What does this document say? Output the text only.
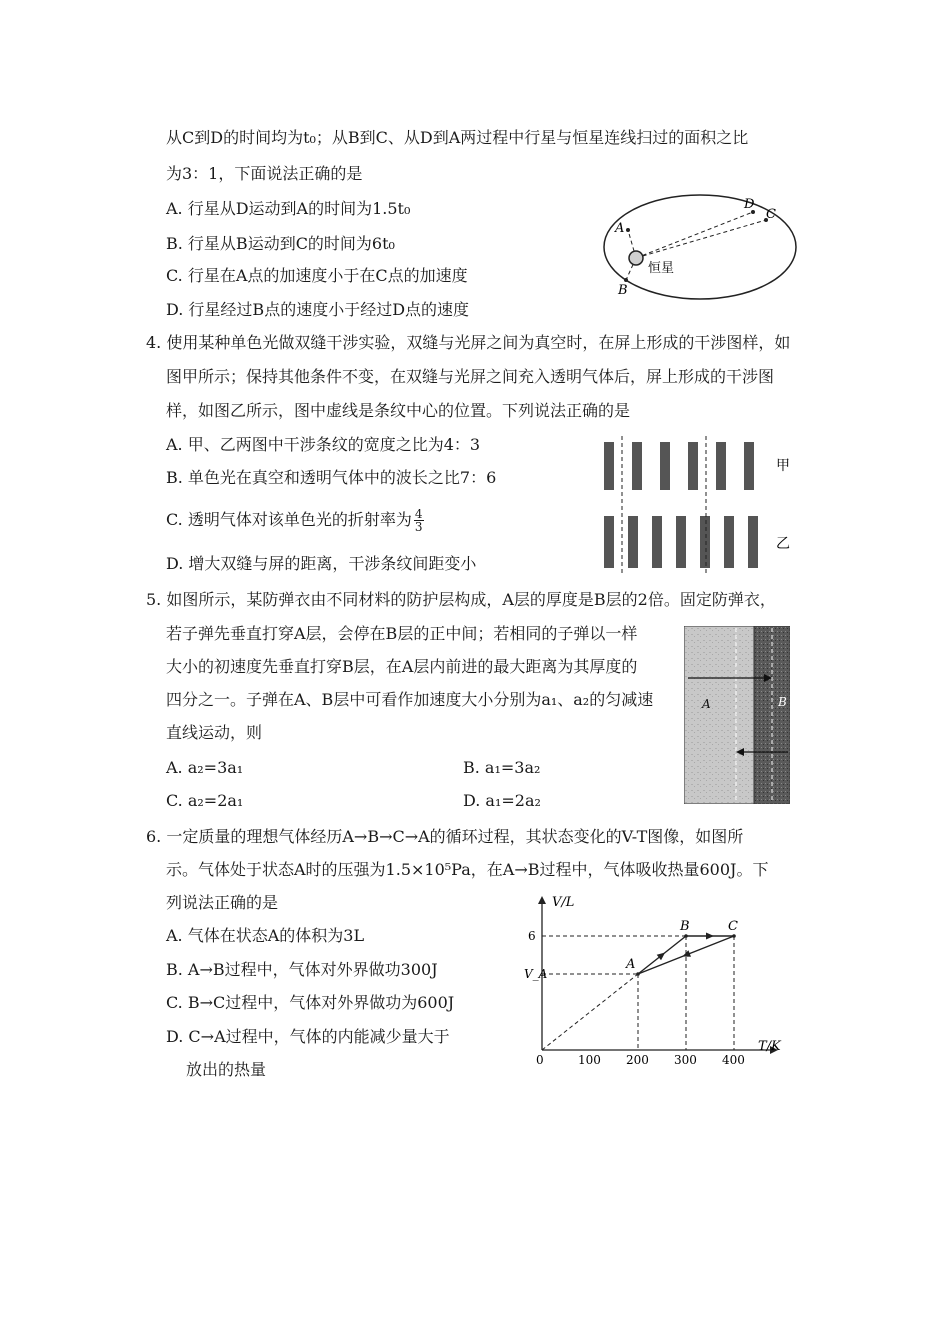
从C到D的时间均为t₀；从B到C、从D到A两过程中行星与恒星连线扫过的面积之比
为3：1，下面说法正确的是
A. 行星从D运动到A的时间为1.5t₀
B. 行星从B运动到C的时间为6t₀
C. 行星在A点的加速度小于在C点的加速度
D. 行星经过B点的速度小于经过D点的速度
A
B
D
C
恒星
4. 使用某种单色光做双缝干涉实验，双缝与光屏之间为真空时，在屏上形成的干涉图样，如
图甲所示；保持其他条件不变，在双缝与光屏之间充入透明气体后，屏上形成的干涉图
样，如图乙所示，图中虚线是条纹中心的位置。下列说法正确的是
A. 甲、乙两图中干涉条纹的宽度之比为4：3
B. 单色光在真空和透明气体中的波长之比7：6
C. 透明气体对该单色光的折射率为 $\frac{4}{3}$
D. 增大双缝与屏的距离，干涉条纹间距变小
甲
乙
5. 如图所示，某防弹衣由不同材料的防护层构成，A层的厚度是B层的2倍。固定防弹衣，
若子弹先垂直打穿A层，会停在B层的正中间；若相同的子弹以一样
大小的初速度先垂直打穿B层，在A层内前进的最大距离为其厚度的
四分之一。子弹在A、B层中可看作加速度大小分别为a₁、a₂的匀减速
直线运动，则
A. a₂=3a₁	B. a₁=3a₂
C. a₂=2a₁	D. a₁=2a₂
A	B
6. 一定质量的理想气体经历A→B→C→A的循环过程，其状态变化的V-T图像，如图所
示。气体处于状态A时的压强为1.5×10⁵Pa，在A→B过程中，气体吸收热量600J。下
列说法正确的是
A. 气体在状态A的体积为3L
B. A→B过程中，气体对外界做功300J
C. B→C过程中，气体对外界做功为600J
D. C→A过程中，气体的内能减少量大于
放出的热量
V/L
T/K
0	100 200 300 400
6
V_A
A
B	C
